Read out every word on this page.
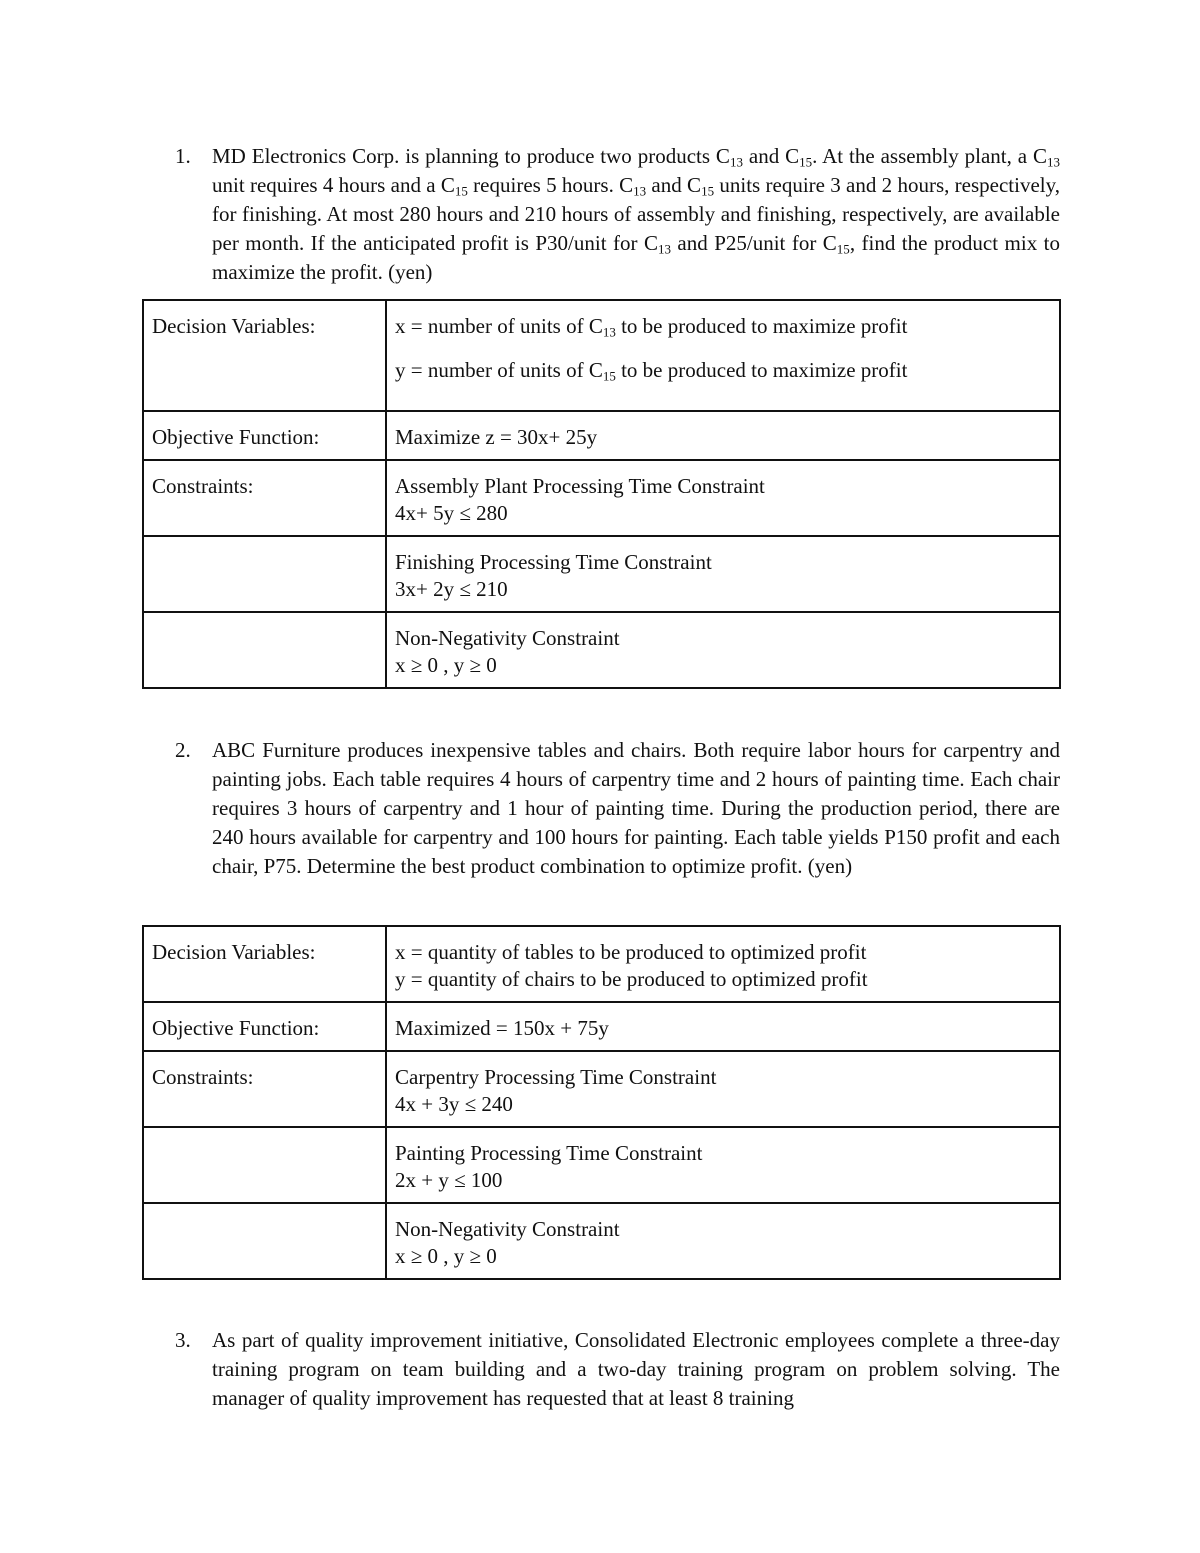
1. MD Electronics Corp. is planning to produce two products $C_{13}$ and $C_{15}$. At the assembly plant, a $C_{13}$ unit requires 4 hours and a $C_{15}$ requires 5 hours. $C_{13}$ and $C_{15}$ units require 3 and 2 hours, respectively, for finishing. At most 280 hours and 210 hours of assembly and finishing, respectively, are available per month. If the anticipated profit is P30/unit for $C_{13}$ and P25/unit for $C_{15}$, find the product mix to maximize the profit. (yen)
Decision Variables:	x = number of units of $C_{13}$ to be produced to maximize profit
y = number of units of $C_{15}$ to be produced to maximize profit

Objective Function:	Maximize z = 30x+ 25y
Constraints:	Assembly Plant Processing Time Constraint
4x+ 5y ≤ 280

	Finishing Processing Time Constraint
3x+ 2y ≤ 210

	Non-Negativity Constraint
x ≥ 0 , y ≥ 0
2. ABC Furniture produces inexpensive tables and chairs. Both require labor hours for carpentry and painting jobs. Each table requires 4 hours of carpentry time and 2 hours of painting time. Each chair requires 3 hours of carpentry and 1 hour of painting time. During the production period, there are 240 hours available for carpentry and 100 hours for painting. Each table yields P150 profit and each chair, P75. Determine the best product combination to optimize profit. (yen)
Decision Variables:	x = quantity of tables to be produced to optimized profit
y = quantity of chairs to be produced to optimized profit

Objective Function:	Maximized = 150x + 75y
Constraints:	Carpentry Processing Time Constraint
4x + 3y ≤ 240

	Painting Processing Time Constraint
2x + y ≤ 100

	Non-Negativity Constraint
x ≥ 0 , y ≥ 0
3. As part of quality improvement initiative, Consolidated Electronic employees complete a three-day training program on team building and a two-day training program on problem solving. The manager of quality improvement has requested that at least 8 training
